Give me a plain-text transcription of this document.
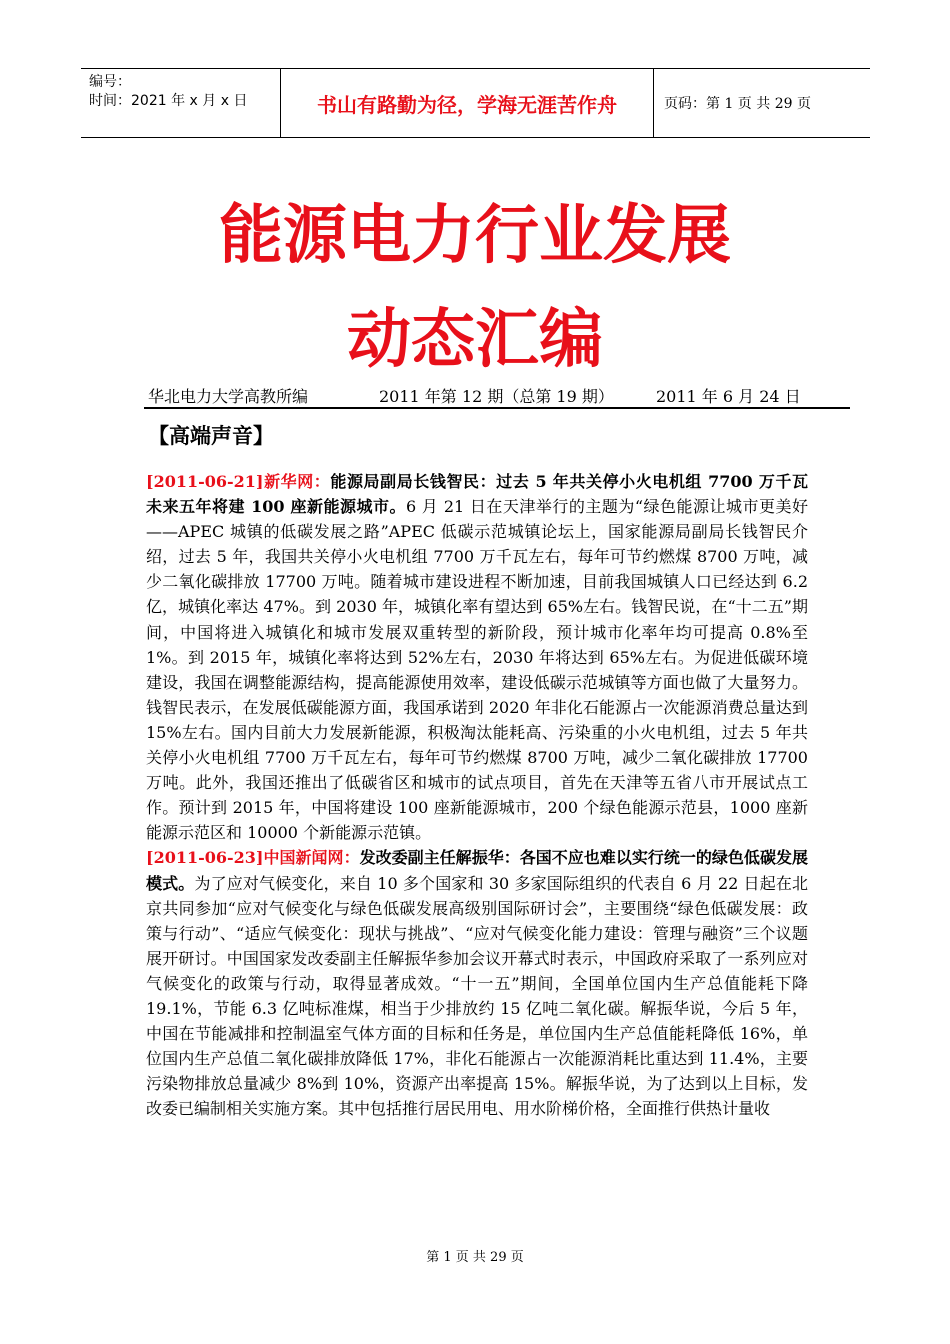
编号：
时间：2021 年 x 月 x 日	书山有路勤为径，学海无涯苦作舟	页码：第 1 页 共 29 页
能源电力行业发展
动态汇编
华北电力大学高教所编	2011 年第 12 期（总第 19 期）	2011 年 6 月 24 日
【高端声音】

[2011-06-21]新华网：能源局副局长钱智民：过去 5 年共关停小火电机组 7700 万千瓦 未来五年将建 100 座新能源城市。6 月 21 日在天津举行的主题为“绿色能源让城市更美好——APEC 城镇的低碳发展之路”APEC 低碳示范城镇论坛上，国家能源局副局长钱智民介绍，过去 5 年，我国共关停小火电机组 7700 万千瓦左右，每年可节约燃煤 8700 万吨，减少二氧化碳排放 17700 万吨。随着城市建设进程不断加速，目前我国城镇人口已经达到 6.2 亿，城镇化率达 47%。到 2030 年，城镇化率有望达到 65%左右。钱智民说，在“十二五”期间，中国将进入城镇化和城市发展双重转型的新阶段，预计城市化率年均可提高 0.8%至 1%。到 2015 年，城镇化率将达到 52%左右，2030 年将达到 65%左右。为促进低碳环境建设，我国在调整能源结构，提高能源使用效率，建设低碳示范城镇等方面也做了大量努力。钱智民表示，在发展低碳能源方面，我国承诺到 2020 年非化石能源占一次能源消费总量达到 15%左右。国内目前大力发展新能源，积极淘汰能耗高、污染重的小火电机组，过去 5 年共关停小火电机组 7700 万千瓦左右，每年可节约燃煤 8700 万吨，减少二氧化碳排放 17700 万吨。此外，我国还推出了低碳省区和城市的试点项目，首先在天津等五省八市开展试点工作。预计到 2015 年，中国将建设 100 座新能源城市，200 个绿色能源示范县，1000 座新能源示范区和 10000 个新能源示范镇。

[2011-06-23]中国新闻网：发改委副主任解振华：各国不应也难以实行统一的绿色低碳发展模式。为了应对气候变化，来自 10 多个国家和 30 多家国际组织的代表自 6 月 22 日起在北京共同参加“应对气候变化与绿色低碳发展高级别国际研讨会”，主要围绕“绿色低碳发展：政策与行动”、“适应气候变化：现状与挑战”、“应对气候变化能力建设：管理与融资”三个议题展开研讨。中国国家发改委副主任解振华参加会议开幕式时表示，中国政府采取了一系列应对气候变化的政策与行动，取得显著成效。“十一五”期间，全国单位国内生产总值能耗下降 19.1%，节能 6.3 亿吨标准煤，相当于少排放约 15 亿吨二氧化碳。解振华说，今后 5 年，中国在节能减排和控制温室气体方面的目标和任务是，单位国内生产总值能耗降低 16%，单位国内生产总值二氧化碳排放降低 17%，非化石能源占一次能源消耗比重达到 11.4%，主要污染物排放总量减少 8%到 10%，资源产出率提高 15%。解振华说，为了达到以上目标，发改委已编制相关实施方案。其中包括推行居民用电、用水阶梯价格，全面推行供热计量收

第 1 页 共 29 页
